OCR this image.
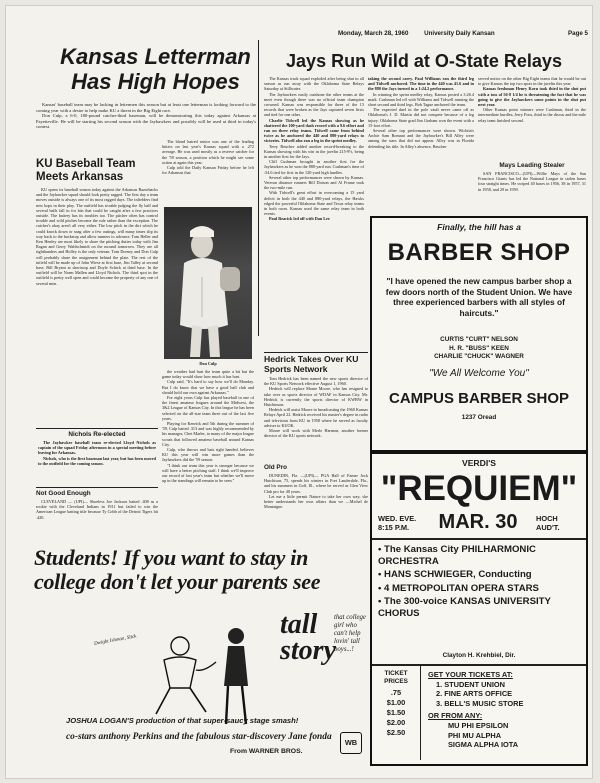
Monday, March 28, 1960	University Daily Kansan	Page 5
Kansas Letterman
Has High Hopes
Jays Run Wild at O-State Relays
Kansas' baseball team may be lacking in lettermen this season but at least one letterman is looking forward to the coming year with a desire to help make KU a threat in the Big Eight race.
Don Culp, a 6-0, 180-pound catcher-third baseman, will be demonstrating this today against Arkansas at Fayetteville. He will be starting his second season with the Jayhawkers and possibly will be used at third in today's contest.
KU Baseball Team Meets Arkansas
KU opens its baseball season today against the Arkansas Razorbacks and the Jayhawker squad should look pretty ragged. The first day a team moves outside is always one of its most ragged days. The infielders find new hops in their play. The outfield has trouble judging the fly ball and several balls fall in for hits that could be caught after a few practices outside. The battery has its troubles too. The pitcher often has control trouble and wild pitches become the rule rather than the exception. The catcher's okay aren't all very either. The low pitch in the dirt which he could knock down or snag after a few outings, will many times slip its way back to the backstop and allow runners to advance. Tom Heller and Ken Henley are most likely to share the pitching duties today with Jim Ragan and Gerry Waldschmidt on the mound tomorrow. They are all righthanders and Holley is the only veteran. Tom Dorney and Don Culp will probably share the assignment behind the plate. The rest of the infield will be made up of John Wiese at first base, Jim Talley at second base, Bill Bryant at shortstop and Doyle Schick at third base. In the outfield will be Norm Mallen and Lloyd Nichols. The third spot in the outfield is pretty well open and could become the property of any one of several men.
Nichols Re-elected
The Jayhawker baseball team re-elected Lloyd Nichols as captain of the squad Friday afternoon in a special meeting before leaving for Arkansas.
Nichols, who is the first baseman last year, but has been moved to the outfield for the coming season.
Not Good Enough
CLEVELAND — (UPI)— Shoeless Joe Jackson batted .408 as a rookie with the Cleveland Indians in 1911 but failed to win the American League batting title because Ty Cobb of the Detroit Tigers hit .420.
The blond haired senior was one of the leading hitters on last year's Kansas squad with a .272 average. He was used mostly as a reserve catcher for the '59 season, a position which he might see some action at again this year.
Culp told the Daily Kansan Friday before he left for Arkansas that
Don Culp
the weather had hurt the team quite a bit but the game today would show how much it has hurt.
Culp said, "It's hard to say how we'll do Monday. But I do know that we have a good ball club and should hold our own against Arkansas."
For eight years Culp has played baseball in one of the finest amateur leagues around the Midwest, the 3&2 League of Kansas City. In this league he has been selected on the all-star team three out of the last five years.
Playing for Kenrick and 5th during the summer of '59, Culp batted .313 and was highly recommended by his manager, Chet Marler, to many of the major league scouts that followed amateur baseball around Kansas City.
Culp, who throws and bats right handed, believes KU this year will win more games than the Jayhawkers did the '59 season.
"I think our team this year is stronger because we will have a better pitching staff. I think we'll improve our record of last year's team but whether we'll move up in the standings will remain to be seen."
The Kansas track squad exploded after being shut in all season as run away with the Oklahoma State Relays Saturday at Stillwater.
The Jayhawkers easily outshone the other teams at the meet even though there was no official team champion crowned. Kansas was responsible for three of the 13 records that were broken as the Jays captured seven firsts and tied for one other.
Charlie Tidwell led the Kansas showing as he shattered the 100-yard dash record with a 9.6 effort and ran on three relay teams. Tidwell came from behind twice as he anchored the 440 and 880-yard relays to victories. Tidwell also ran a leg in the sprint medley.
Terry Beucher added another record-breaking to the Kansas showing with his win in the javelin 215-9½, being in another first for the Jays.
Cliff Cushman brought in another first for the Jayhawkers as he won the 880-yard run. Cushman's time of :54.6 tied for first in the 120-yard high hurdles.
Several other top performances were shown by Kansas. Veteran distance runners Bill Dotson and Al Frame took the two-mile run.
With Tidwell's great effort in overcoming a 15 yard deficit in both the 440 and 880-yard relays, the Hawks edged the powerful Oklahoma State and Texas relay teams in both races. Kansas used the same relay team in both events.
Paul Reacick led off with Dan Lee
taking the second carry. Paul Williams ran the third leg and Tidwell anchored. The time in the 440 was 41.6 and in the 880 the Jays turned in a 1:24.2 performance.
In winning the sprint medley relay, Kansas posted a 3:26.4 mark. Cushman led off with Williams and Tidwell running the short second and third legs. Bob Tague anchored the team.
The expected duel in the pole vault never came off as Oklahoma's J. D. Martin did not compete because of a leg injury. Oklahoma State grad Jim Graham won the event with a 15-foot effort.
Several other top performances were shown. Wichita's Archie Sam Romani and the Jayhawker's Bill Alley were among the stars that did not appear. Alley was in Florida defending his title. In Alley's absence, Beucher
served notice on the other Big Eight teams that he would be out to give Kansas the top two spots in the javelin this year.
Kansas freshman Henry Korn took third in the shot put with a toss of 56-8 1/4 he is threatening the fact that he was going to give the Jayhawkers some points in the shot put next year.
Other Kansas point winners were Cushman, third in the intermediate hurdles; Jerry Foos, third in the discus and the mile relay team finished second.
Mays Leading Stealer
SAN FRANCISCO—(UPI)—Willie Mays of the San Francisco Giants has led the National League in stolen bases four straight times. He swiped 40 bases in 1956, 38 in 1957, 31 in 1958, and 29 in 1959.
Hedrick Takes Over KU Sports Network
Tom Hedrick has been named the new sports director of the KU Sports Network effective August 1, 1960.
Hedrick will replace Monte Moore, who has resigned to take over as sports director of WDAF in Kansas City. Mr. Hedrick is currently the sports director of KWBW in Hutchinson.
Hedrick will assist Moore in broadcasting the 1960 Kansas Relays April 22. Hedrick received his master's degree in radio and television from KU in 1958 where he served as faculty adviser to KUOK.
Moore will work with Merle Harmon, another former director of the KU sports network.
Old Pro
DUNEDIN, Fla. —(UPI)— PGA Hall of Famer Jock Hutchison, 75, spends his winters in Fort Lauderdale, Fla., and his summers in Golf, Ill., where he served as Glen View Club pro for 40 years.
Let me a little permit Nature to take her own way; she better understands her own affairs than we —Michel de Montaigne.
Finally, the hill has a
BARBER SHOP
"I have opened the new campus barber shop a few doors north of the Student Union. We have three experienced barbers with all styles of haircuts."
CURTIS "CURT" NELSON
H. R. "BUSS" KEEN
CHARLIE "CHUCK" WAGNER
"We All Welcome You"
CAMPUS BARBER SHOP
1237 Oread
VERDI'S
"REQUIEM"
WED. EVE.
8:15 P.M.	MAR. 30	HOCH
AUD'T.
• The Kansas City PHILHARMONIC ORCHESTRA
• HANS SCHWIEGER, Conducting
• 4 METROPOLITAN OPERA STARS
• The 300-voice KANSAS UNIVERSITY CHORUS
Clayton H. Krehbiel, Dir.
TICKET PRICES
.75
$1.00
$1.50
$2.00
$2.50
GET YOUR TICKETS AT:
1. STUDENT UNION
2. FINE ARTS OFFICE
3. BELL'S MUSIC STORE
OR FROM ANY:
MU PHI EPSILON
PHI MU ALPHA
SIGMA ALPHA IOTA
Students! If you want to stay in college don't let your parents see
Dwight Ishman, Slick
tall
story
that college girl who can't help lovin' tall boys...!
JOSHUA LOGAN'S production of that super-saucy stage smash!
co-stars anthony Perkins and the fabulous star-discovery Jane fonda
From WARNER BROS.
WB
